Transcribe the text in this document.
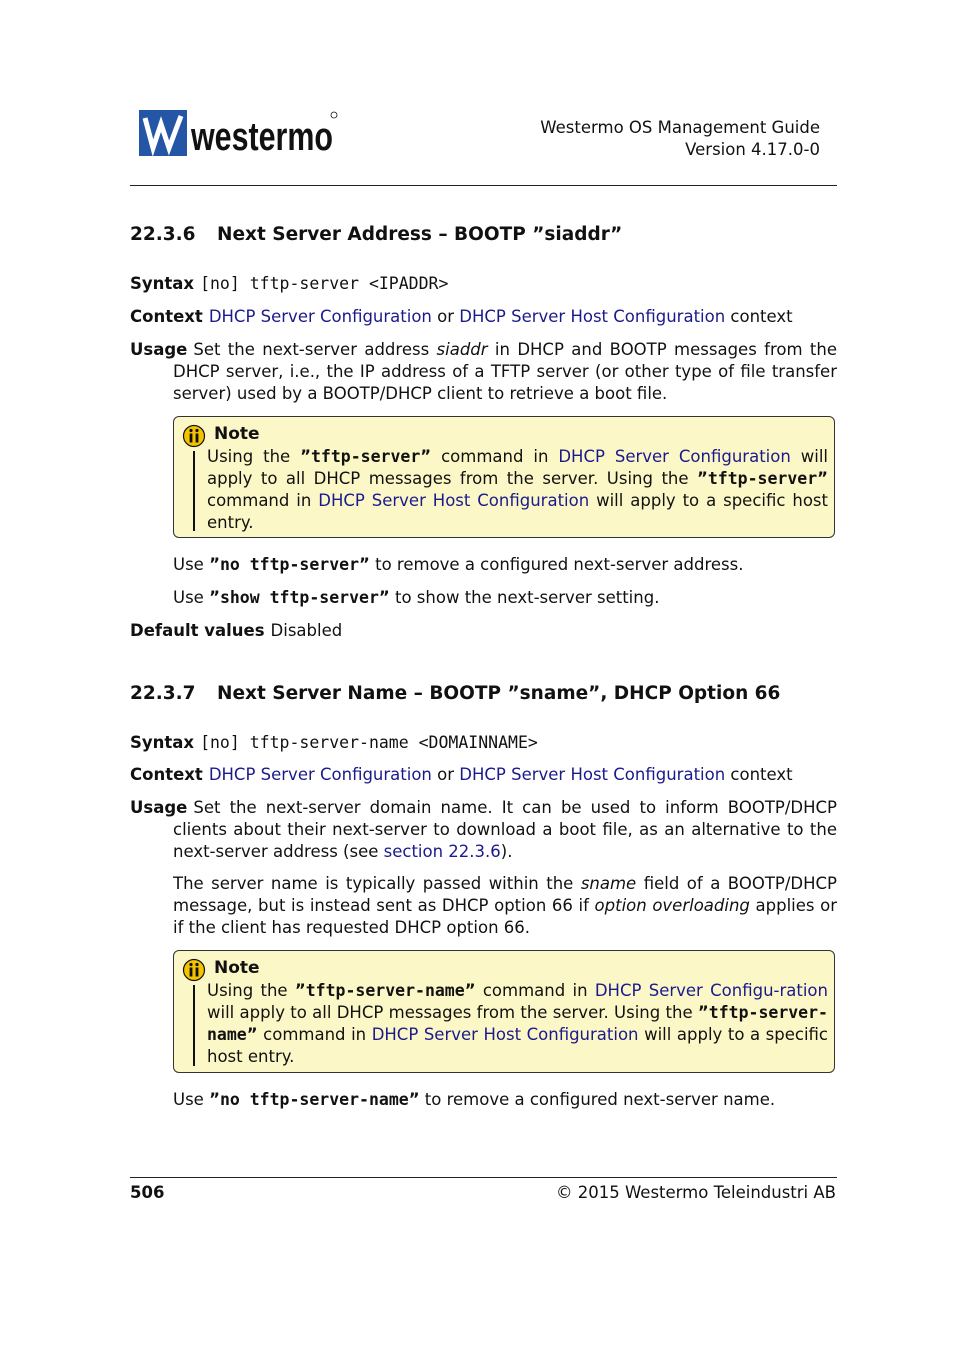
westermo	Westermo OS Management Guide
Version 4.17.0-0
22.3.6 Next Server Address – BOOTP ”siaddr”
Syntax [no] tftp-server <IPADDR>
Context DHCP Server Configuration or DHCP Server Host Configuration context
Usage Set the next-server address siaddr in DHCP and BOOTP messages from the DHCP server, i.e., the IP address of a TFTP server (or other type of file transfer server) used by a BOOTP/DHCP client to retrieve a boot file.
Note
Using the ”tftp-server” command in DHCP Server Configuration will apply to all DHCP messages from the server. Using the ”tftp-server” command in DHCP Server Host Configuration will apply to a specific host entry.
Use ”no tftp-server” to remove a configured next-server address.
Use ”show tftp-server” to show the next-server setting.
Default values Disabled
22.3.7 Next Server Name – BOOTP ”sname”, DHCP Option 66
Syntax [no] tftp-server-name <DOMAINNAME>
Context DHCP Server Configuration or DHCP Server Host Configuration context
Usage Set the next-server domain name. It can be used to inform BOOTP/DHCP clients about their next-server to download a boot file, as an alternative to the next-server address (see section 22.3.6).
The server name is typically passed within the sname field of a BOOTP/DHCP message, but is instead sent as DHCP option 66 if option overloading applies or if the client has requested DHCP option 66.
Note
Using the ”tftp-server-name” command in DHCP Server Configu-ration will apply to all DHCP messages from the server. Using the ”tftp-server-name” command in DHCP Server Host Configuration will apply to a specific host entry.
Use ”no tftp-server-name” to remove a configured next-server name.
506	© 2015 Westermo Teleindustri AB
